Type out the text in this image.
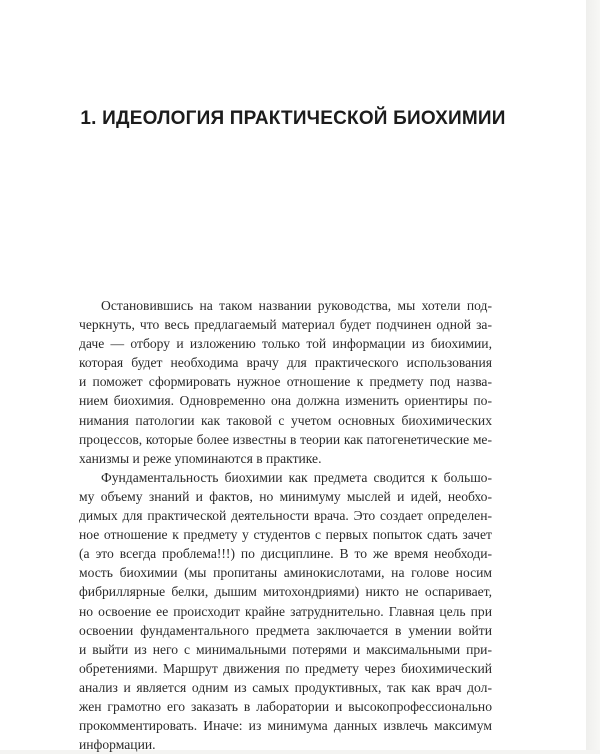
1. ИДЕОЛОГИЯ ПРАКТИЧЕСКОЙ БИОХИМИИ
Остановившись на таком названии руководства, мы хотели под-
черкнуть, что весь предлагаемый материал будет подчинен одной за-
даче — отбору и изложению только той информации из биохимии,
которая будет необходима врачу для практического использования
и поможет сформировать нужное отношение к предмету под назва-
нием биохимия. Одновременно она должна изменить ориентиры по-
нимания патологии как таковой с учетом основных биохимических
процессов, которые более известны в теории как патогенетические ме-
ханизмы и реже упоминаются в практике.
Фундаментальность биохимии как предмета сводится к большо-
му объему знаний и фактов, но минимуму мыслей и идей, необхо-
димых для практической деятельности врача. Это создает определен-
ное отношение к предмету у студентов с первых попыток сдать зачет
(а это всегда проблема!!!) по дисциплине. В то же время необходи-
мость биохимии (мы пропитаны аминокислотами, на голове носим
фибриллярные белки, дышим митохондриями) никто не оспаривает,
но освоение ее происходит крайне затруднительно. Главная цель при
освоении фундаментального предмета заключается в умении войти
и выйти из него с минимальными потерями и максимальными при-
обретениями. Маршрут движения по предмету через биохимический
анализ и является одним из самых продуктивных, так как врач дол-
жен грамотно его заказать в лаборатории и высокопрофессионально
прокомментировать. Иначе: из минимума данных извлечь максимум
информации.
